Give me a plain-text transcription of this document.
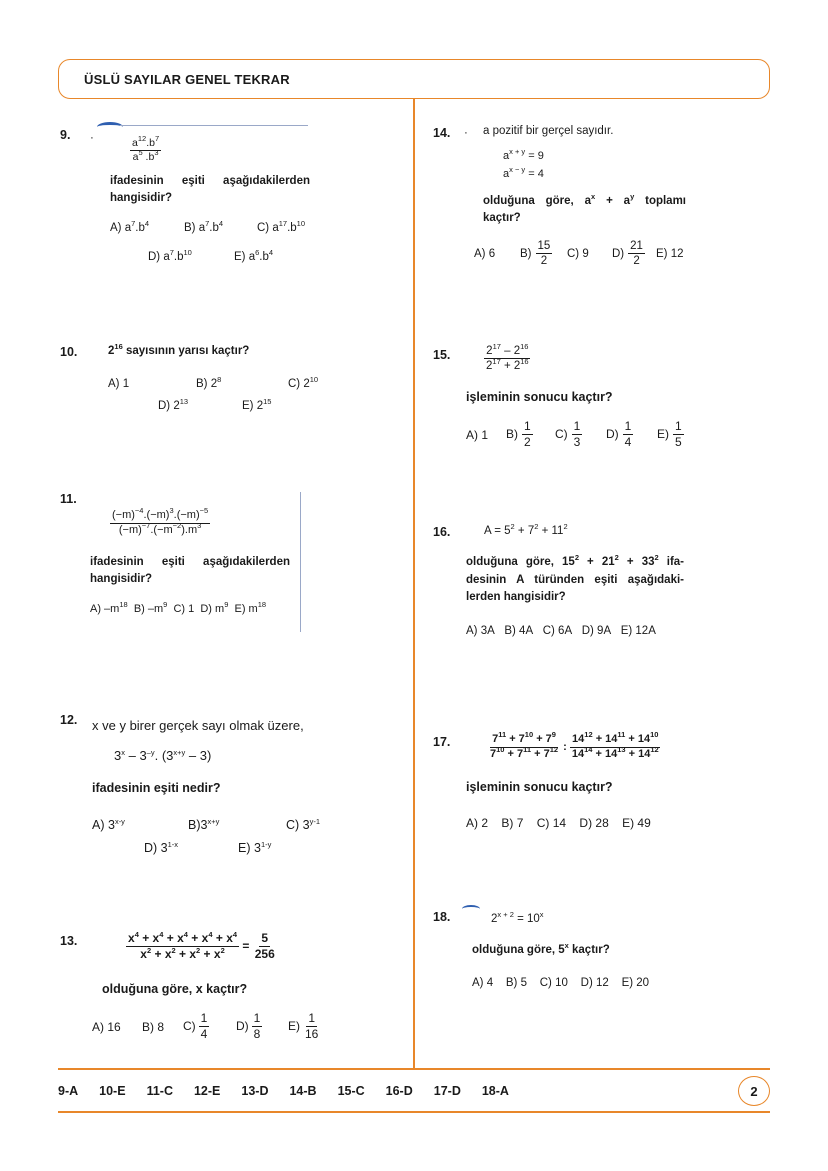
ÜSLÜ SAYILAR GENEL TEKRAR
9. ·	$\frac{a^{12}.b^7}{a^5 .b^3}$
ifadesinin eşiti aşağıdakilerden
hangisidir?
A) $a^7.b^4$	B) $a^7.b^4$	C) $a^{17}.b^{10}$
D) $a^7.b^{10}$	E) $a^6.b^4$
10.	$2^{16}$ sayısının yarısı kaçtır?
A) 1	B) $2^8$	C) $2^{10}$
D) $2^{13}$	E) $2^{15}$
11.
$\frac{(-m)^{-4}.(-m)^3.(-m)^{-5}}{(-m)^{-7}.(-m^{-2}).m^3}$
ifadesinin eşiti aşağıdakilerden
hangisidir?
A) $-m^{18}$ B) $-m^9$ C) 1 D) $m^9$ E) $m^{18}$
12. x ve y birer gerçek sayı olmak üzere,
$3^x - 3^{-y}$. $(3^{x+y} - 3)$
ifadesinin eşiti nedir?
A) 3$^{x-y}$	$B)3^{x+y}$	C) 3$^{y-1}$
D) 3$^{1-x}$	E) 3$^{1-y}$
13.	$\frac{x^4 + x^4 + x^4 + x^4 + x^4}{x^2 + x^2 + x^2 + x^2} = \frac{5}{256}$
olduğuna göre, x kaçtır?
A) 16 B) 8 $C) \frac{1}{4} D) \frac{1}{8} E) \frac{1}{16}$
14. · a pozitif bir gerçel sayıdır.
$a^{x + y} = 9$
$a^{x - y} = 4$
olduğuna göre, $a^x + a^y$ toplamı
kaçtır?
A) 6 $B) \frac{15}{2} C$) 9 $D) \frac{21}{2} E$) 12
15.	$\frac{2^{17} - 2^{16}}{2^{17} + 2^{16}}$
işleminin sonucu kaçtır?
A) 1 $B) \frac{1}{2} C) \frac{1}{3} D) \frac{1}{4} E) \frac{1}{5}$
16.	$A = 5^2 + 7^2 + 11^2$
olduğuna göre, $15^2 + 21^2 + 33^2$ ifa-
desinin A türünden eşiti aşağıdaki-
lerden hangisidir?
A) 3A B) 4A C) 6A D) 9A E) 12A
17.	$\frac{7^{11} + 7^{10} + 7^9}{7^{10} + 7^{11} + 7^{12}}$ : $\frac{14^{12} + 14^{11} + 14^{10}}{14^{14} + 14^{13} + 14^{12}}$
işleminin sonucu kaçtır?
A) 2 B) 7 C) 14 D) 28 E) 49
18.	$2^{x + 2} = 10^x$
olduğuna göre, 5$^x$ kaçtır?
A) 4 B) 5 C) 10 D) 12 E) 20
9-A 10-E 11-C 12-E 13-D 14-B 15-C 16-D 17-D 18-A	2
